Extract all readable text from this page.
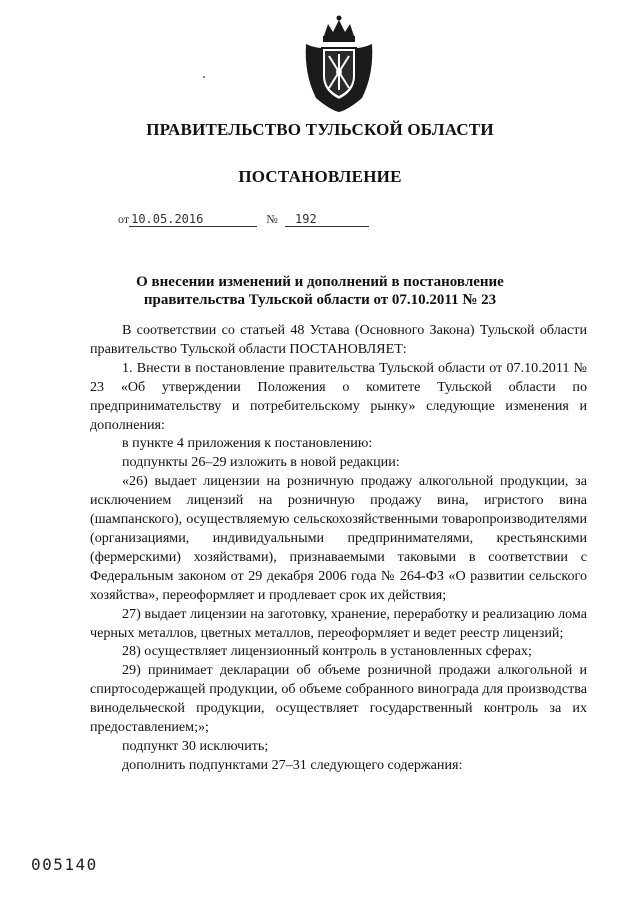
ПРАВИТЕЛЬСТВО ТУЛЬСКОЙ ОБЛАСТИ
ПОСТАНОВЛЕНИЕ
от 10.05.2016	№ 192
О внесении изменений и дополнений в постановление
правительства Тульской области от 07.10.2011 № 23

В соответствии со статьей 48 Устава (Основного Закона) Тульской области правительство Тульской области ПОСТАНОВЛЯЕТ:

1. Внести в постановление правительства Тульской области от 07.10.2011 № 23 «Об утверждении Положения о комитете Тульской области по предпринимательству и потребительскому рынку» следующие изменения и дополнения:

в пункте 4 приложения к постановлению:

подпункты 26–29 изложить в новой редакции:

«26) выдает лицензии на розничную продажу алкогольной продукции, за исключением лицензий на розничную продажу вина, игристого вина (шампанского), осуществляемую сельскохозяйственными товаропроизводителями (организациями, индивидуальными предпринимателями, крестьянскими (фермерскими) хозяйствами), признаваемыми таковыми в соответствии с Федеральным законом от 29 декабря 2006 года № 264-ФЗ «О развитии сельского хозяйства», переоформляет и продлевает срок их действия;

27) выдает лицензии на заготовку, хранение, переработку и реализацию лома черных металлов, цветных металлов, переоформляет и ведет реестр лицензий;

28) осуществляет лицензионный контроль в установленных сферах;

29) принимает декларации об объеме розничной продажи алкогольной и спиртосодержащей продукции, об объеме собранного винограда для производства винодельческой продукции, осуществляет государственный контроль за их предоставлением;»;

подпункт 30 исключить;

дополнить подпунктами 27–31 следующего содержания:

005140
